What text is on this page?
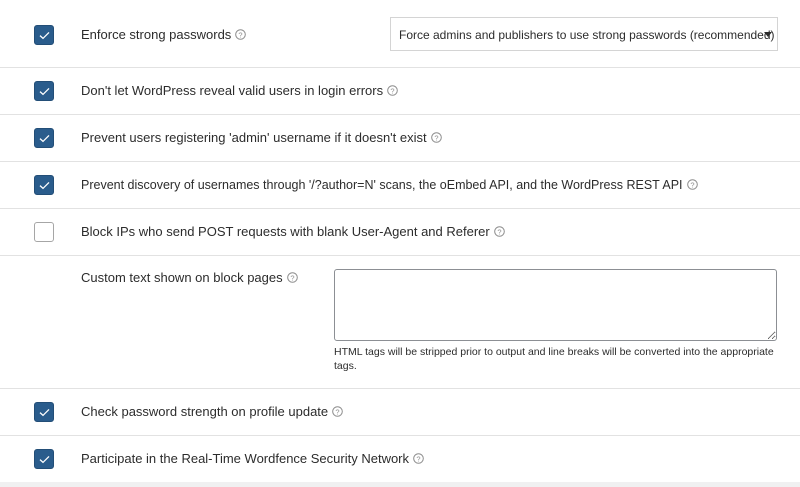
Enforce strong passwords ?	Force admins and publishers to use strong passwords (recommended)
Don't let WordPress reveal valid users in login errors ?
Prevent users registering 'admin' username if it doesn't exist ?
Prevent discovery of usernames through '/?author=N' scans, the oEmbed API, and the WordPress REST API ?
Block IPs who send POST requests with blank User-Agent and Referer ?
Custom text shown on block pages ?
HTML tags will be stripped prior to output and line breaks will be converted into the appropriate tags.
Check password strength on profile update ?
Participate in the Real-Time Wordfence Security Network ?
